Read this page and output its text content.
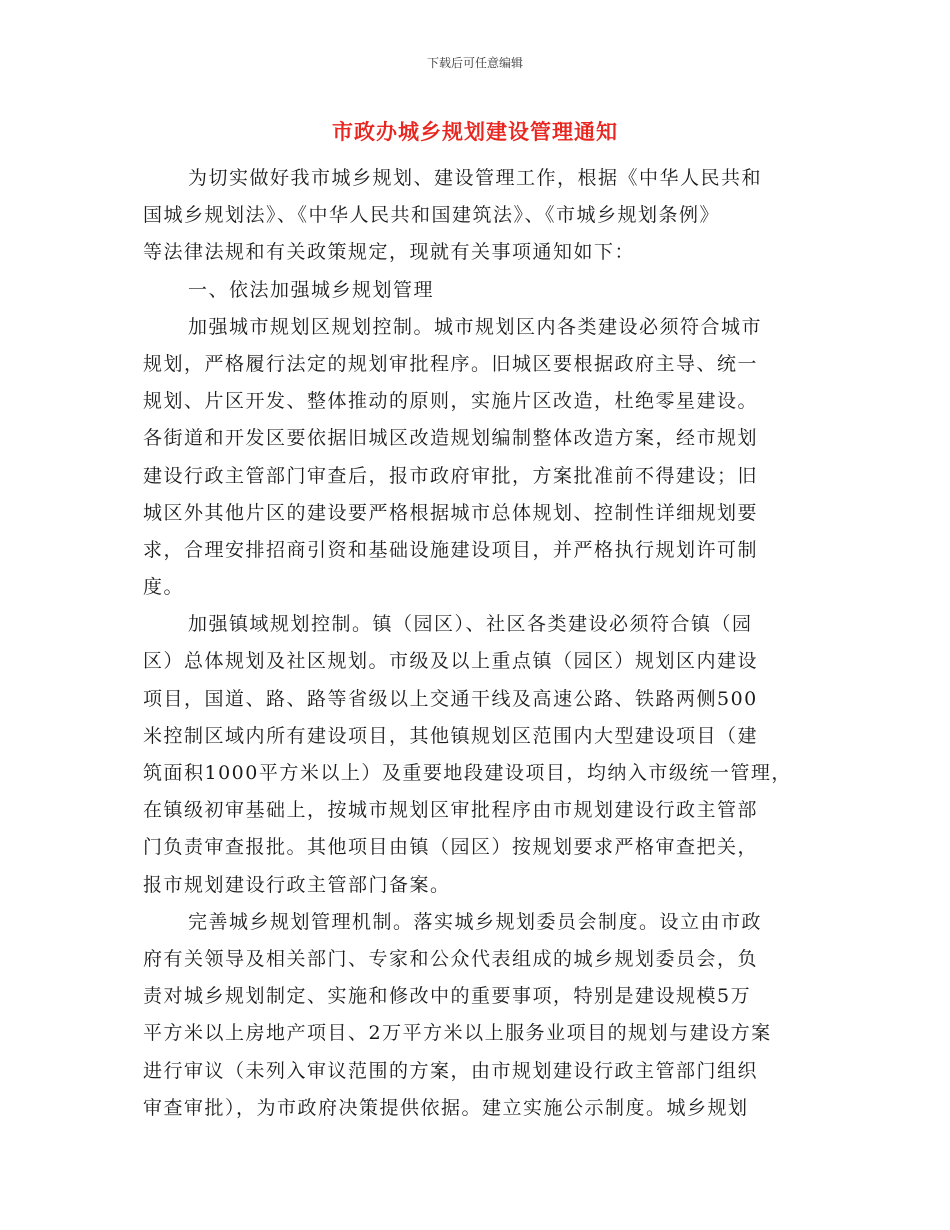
下载后可任意编辑
市政办城乡规划建设管理通知
为切实做好我市城乡规划、建设管理工作，根据《中华人民共和
国城乡规划法》、《中华人民共和国建筑法》、《市城乡规划条例》
等法律法规和有关政策规定，现就有关事项通知如下：
一、依法加强城乡规划管理
加强城市规划区规划控制。城市规划区内各类建设必须符合城市
规划，严格履行法定的规划审批程序。旧城区要根据政府主导、统一
规划、片区开发、整体推动的原则，实施片区改造，杜绝零星建设。
各街道和开发区要依据旧城区改造规划编制整体改造方案，经市规划
建设行政主管部门审查后，报市政府审批，方案批准前不得建设；旧
城区外其他片区的建设要严格根据城市总体规划、控制性详细规划要
求，合理安排招商引资和基础设施建设项目，并严格执行规划许可制
度。
加强镇域规划控制。镇（园区）、社区各类建设必须符合镇（园
区）总体规划及社区规划。市级及以上重点镇（园区）规划区内建设
项目，国道、路、路等省级以上交通干线及高速公路、铁路两侧500
米控制区域内所有建设项目，其他镇规划区范围内大型建设项目（建
筑面积1000平方米以上）及重要地段建设项目，均纳入市级统一管理，
在镇级初审基础上，按城市规划区审批程序由市规划建设行政主管部
门负责审查报批。其他项目由镇（园区）按规划要求严格审查把关，
报市规划建设行政主管部门备案。
完善城乡规划管理机制。落实城乡规划委员会制度。设立由市政
府有关领导及相关部门、专家和公众代表组成的城乡规划委员会，负
责对城乡规划制定、实施和修改中的重要事项，特别是建设规模5万
平方米以上房地产项目、2万平方米以上服务业项目的规划与建设方案
进行审议（未列入审议范围的方案，由市规划建设行政主管部门组织
审查审批），为市政府决策提供依据。建立实施公示制度。城乡规划
